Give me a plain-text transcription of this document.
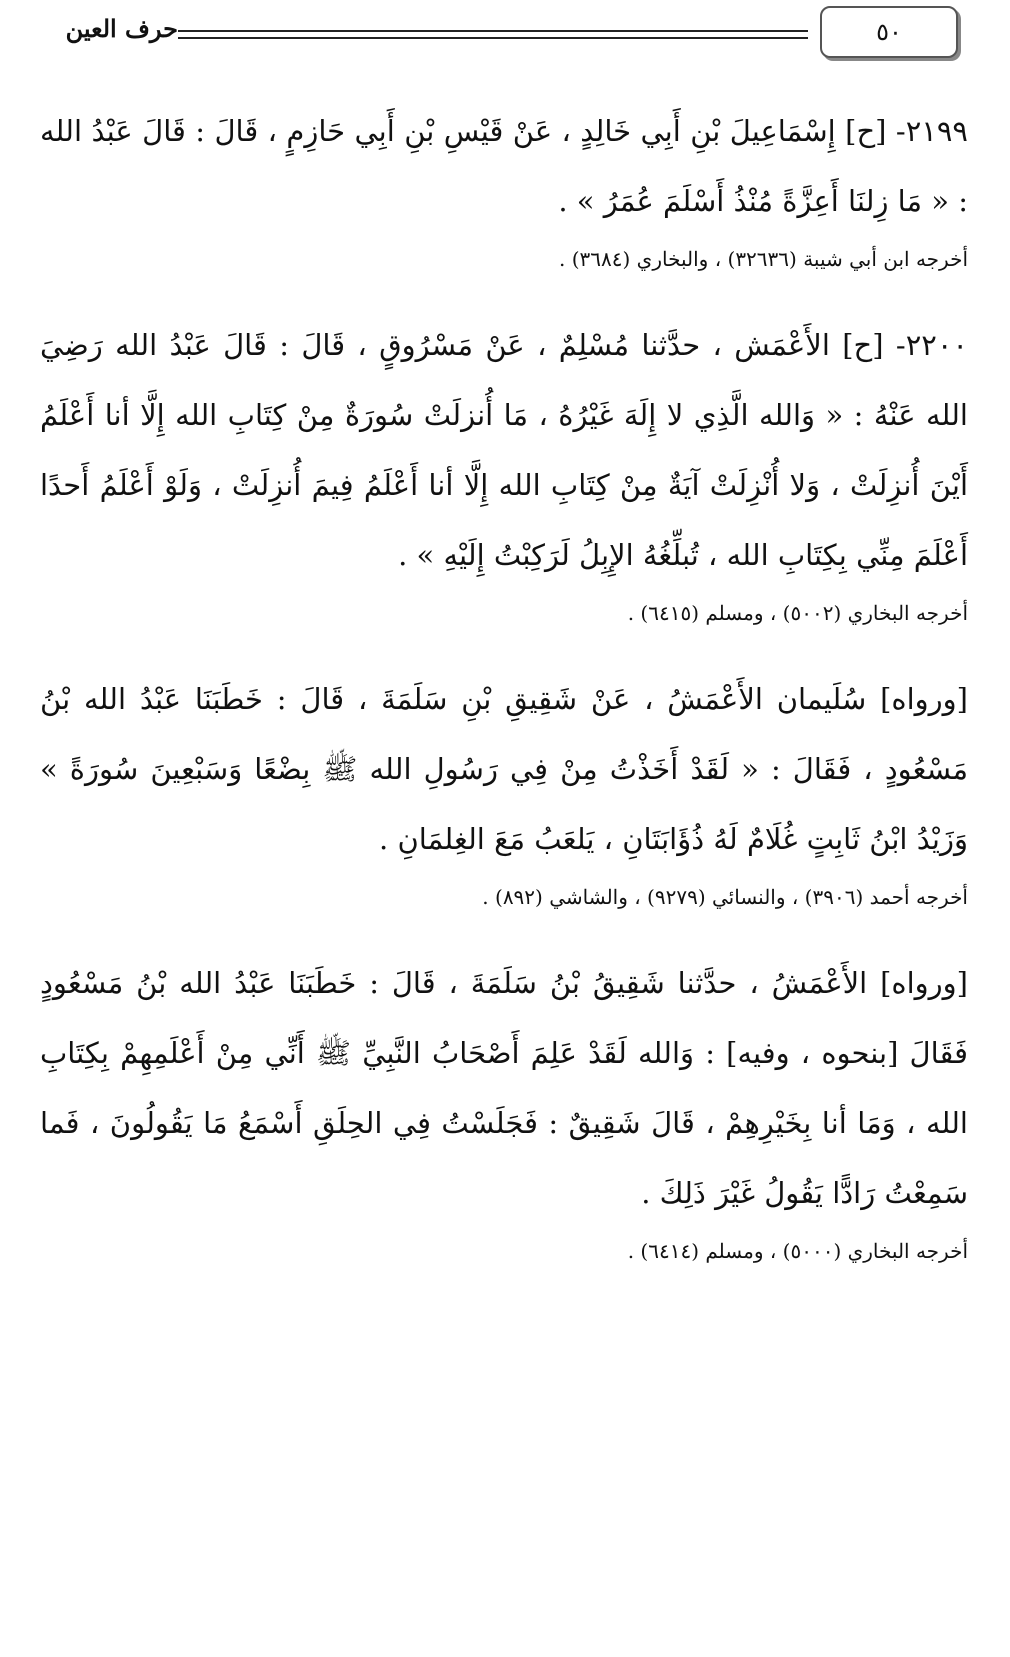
٥٠
حرف العين

٢١٩٩- [ح] إِسْمَاعِيلَ بْنِ أَبِي خَالِدٍ ، عَنْ قَيْسِ بْنِ أَبِي حَازِمٍ ، قَالَ : قَالَ عَبْدُ الله : « مَا زِلنَا أَعِزَّةً مُنْذُ أَسْلَمَ عُمَرُ » .

أخرجه ابن أبي شيبة (٣٢٦٣٦) ، والبخاري (٣٦٨٤) .

٢٢٠٠- [ح] الأَعْمَش ، حدَّثنا مُسْلِمٌ ، عَنْ مَسْرُوقٍ ، قَالَ : قَالَ عَبْدُ الله رَضِيَ الله عَنْهُ : « وَالله الَّذِي لا إِلَهَ غَيْرُهُ ، مَا أُنزلَتْ سُورَةٌ مِنْ كِتَابِ الله إِلَّا أنا أَعْلَمُ أَيْنَ أُنزِلَتْ ، وَلا أُنْزِلَتْ آيَةٌ مِنْ كِتَابِ الله إِلَّا أنا أَعْلَمُ فِيمَ أُنزِلَتْ ، وَلَوْ أَعْلَمُ أَحدًا أَعْلَمَ مِنِّي بِكِتَابِ الله ، تُبلِّغُهُ الإِبِلُ لَرَكِبْتُ إِلَيْهِ » .

أخرجه البخاري (٥٠٠٢) ، ومسلم (٦٤١٥) .

[ورواه] سُلَيمان الأَعْمَشُ ، عَنْ شَقِيقِ بْنِ سَلَمَةَ ، قَالَ : خَطَبَنَا عَبْدُ الله بْنُ مَسْعُودٍ ، فَقَالَ : « لَقَدْ أَخَذْتُ مِنْ فِي رَسُولِ الله ﷺ بِضْعًا وَسَبْعِينَ سُورَةً » وَزَيْدُ ابْنُ ثَابِتٍ غُلَامٌ لَهُ ذُؤَابَتَانِ ، يَلعَبُ مَعَ الغِلمَانِ .

أخرجه أحمد (٣٩٠٦) ، والنسائي (٩٢٧٩) ، والشاشي (٨٩٢) .

[ورواه] الأَعْمَشُ ، حدَّثنا شَقِيقُ بْنُ سَلَمَةَ ، قَالَ : خَطَبَنَا عَبْدُ الله بْنُ مَسْعُودٍ فَقَالَ [بنحوه ، وفيه] : وَالله لَقَدْ عَلِمَ أَصْحَابُ النَّبِيِّ ﷺ أَنِّي مِنْ أَعْلَمِهِمْ بِكِتَابِ الله ، وَمَا أنا بِخَيْرِهِمْ ، قَالَ شَقِيقٌ : فَجَلَسْتُ فِي الحِلَقِ أَسْمَعُ مَا يَقُولُونَ ، فَما سَمِعْتُ رَادًّا يَقُولُ غَيْرَ ذَلِكَ .

أخرجه البخاري (٥٠٠٠) ، ومسلم (٦٤١٤) .
